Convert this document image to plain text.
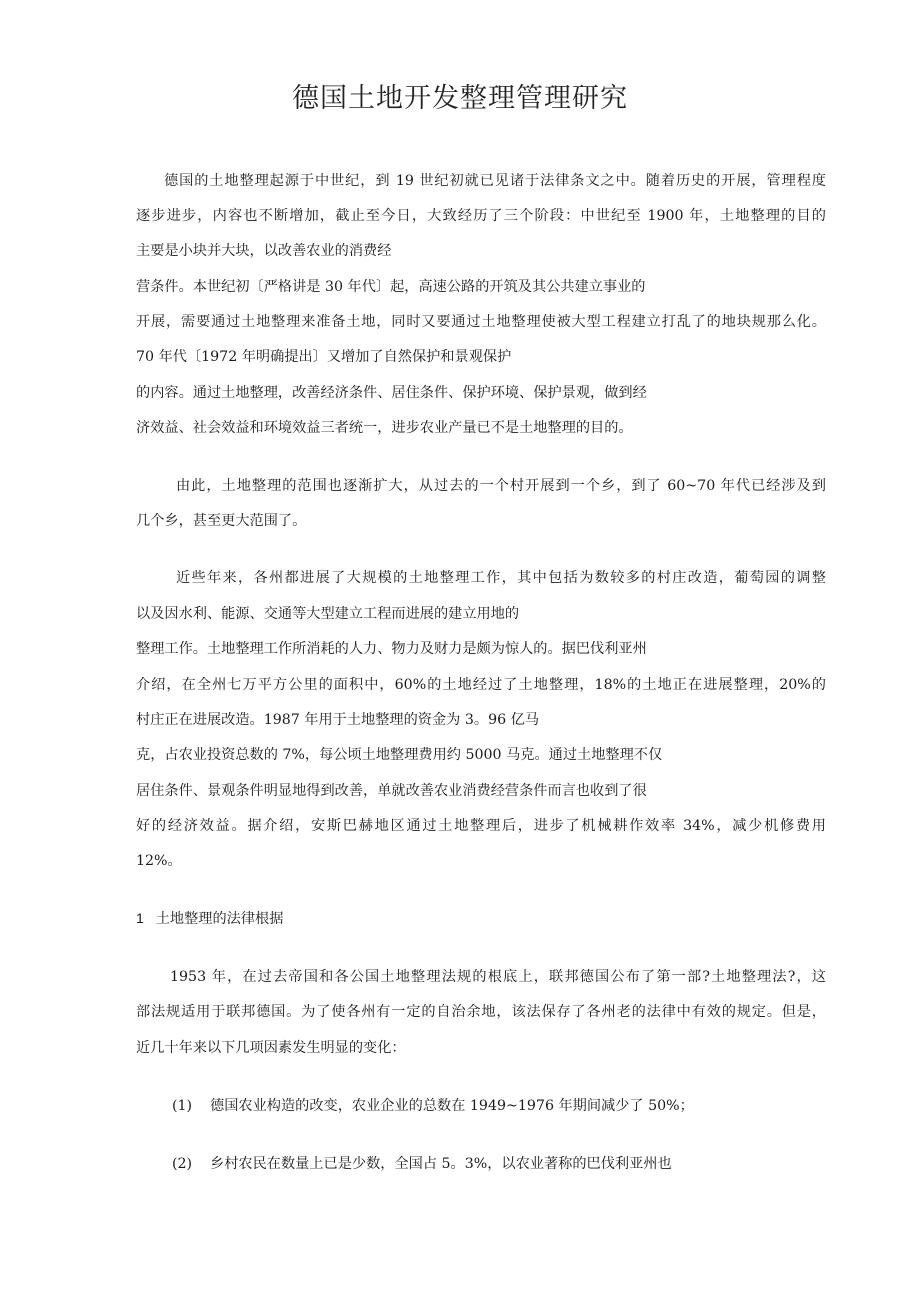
德国土地开发整理管理研究
德国的土地整理起源于中世纪，到 19 世纪初就已见诸于法律条文之中。随着历史的开展，管理程度
逐步进步，内容也不断增加，截止至今日，大致经历了三个阶段：中世纪至 1900 年，土地整理的目的
主要是小块并大块，以改善农业的消费经
营条件。本世纪初〔严格讲是 30 年代〕起，高速公路的开筑及其公共建立事业的
开展，需要通过土地整理来准备土地，同时又要通过土地整理使被大型工程建立打乱了的地块规那么化。
70 年代〔1972 年明确提出〕又增加了自然保护和景观保护
的内容。通过土地整理，改善经济条件、居住条件、保护环境、保护景观，做到经
济效益、社会效益和环境效益三者统一，进步农业产量已不是土地整理的目的。
由此，土地整理的范围也逐渐扩大，从过去的一个村开展到一个乡，到了 60~70 年代已经涉及到
几个乡，甚至更大范围了。
近些年来，各州都进展了大规模的土地整理工作，其中包括为数较多的村庄改造，葡萄园的调整
以及因水利、能源、交通等大型建立工程而进展的建立用地的
整理工作。土地整理工作所消耗的人力、物力及财力是颇为惊人的。据巴伐利亚州
介绍，在全州七万平方公里的面积中，60%的土地经过了土地整理，18%的土地正在进展整理，20%的
村庄正在进展改造。1987 年用于土地整理的资金为 3。96 亿马
克，占农业投资总数的 7%，每公顷土地整理费用约 5000 马克。通过土地整理不仅
居住条件、景观条件明显地得到改善，单就改善农业消费经营条件而言也收到了很
好的经济效益。据介绍，安斯巴赫地区通过土地整理后，进步了机械耕作效率 34%，减少机修费用
12%。
1 土地整理的法律根据
1953 年，在过去帝国和各公国土地整理法规的根底上，联邦德国公布了第一部?土地整理法?，这
部法规适用于联邦德国。为了使各州有一定的自治余地，该法保存了各州老的法律中有效的规定。但是，
近几十年来以下几项因素发生明显的变化：
(1) 德国农业构造的改变，农业企业的总数在 1949~1976 年期间减少了 50%；
(2) 乡村农民在数量上已是少数，全国占 5。3%，以农业著称的巴伐利亚州也
